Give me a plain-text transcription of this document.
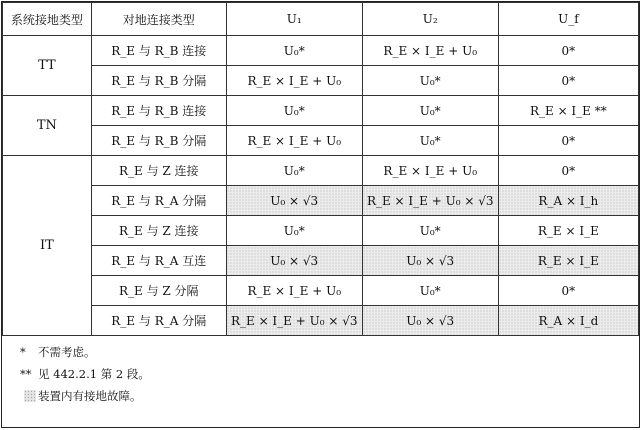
系统接地类型	对地连接类型	U₁	U₂	U_f
TT	R_E 与 R_B 连接	U₀*	R_E × I_E + U₀	0*
	R_E 与 R_B 分隔	R_E × I_E + U₀	U₀*	0*
TN	R_E 与 R_B 连接	U₀*	U₀*	R_E × I_E **
	R_E 与 R_B 分隔	R_E × I_E + U₀	U₀*	0*
IT	R_E 与 Z 连接	U₀*	R_E × I_E + U₀	0*
	R_E 与 R_A 分隔	U₀ × √3	R_E × I_E + U₀ × √3	R_A × I_h
	R_E 与 Z 连接	U₀*	U₀*	R_E × I_E
	R_E 与 R_A 互连	U₀ × √3	U₀ × √3	R_E × I_E
	R_E 与 Z 分隔	R_E × I_E + U₀	U₀*	0*
	R_E 与 R_A 分隔	R_E × I_E + U₀ × √3	U₀ × √3	R_A × I_d
*	不需考虑。
** 见 442.2.1 第 2 段。
装置内有接地故障。
